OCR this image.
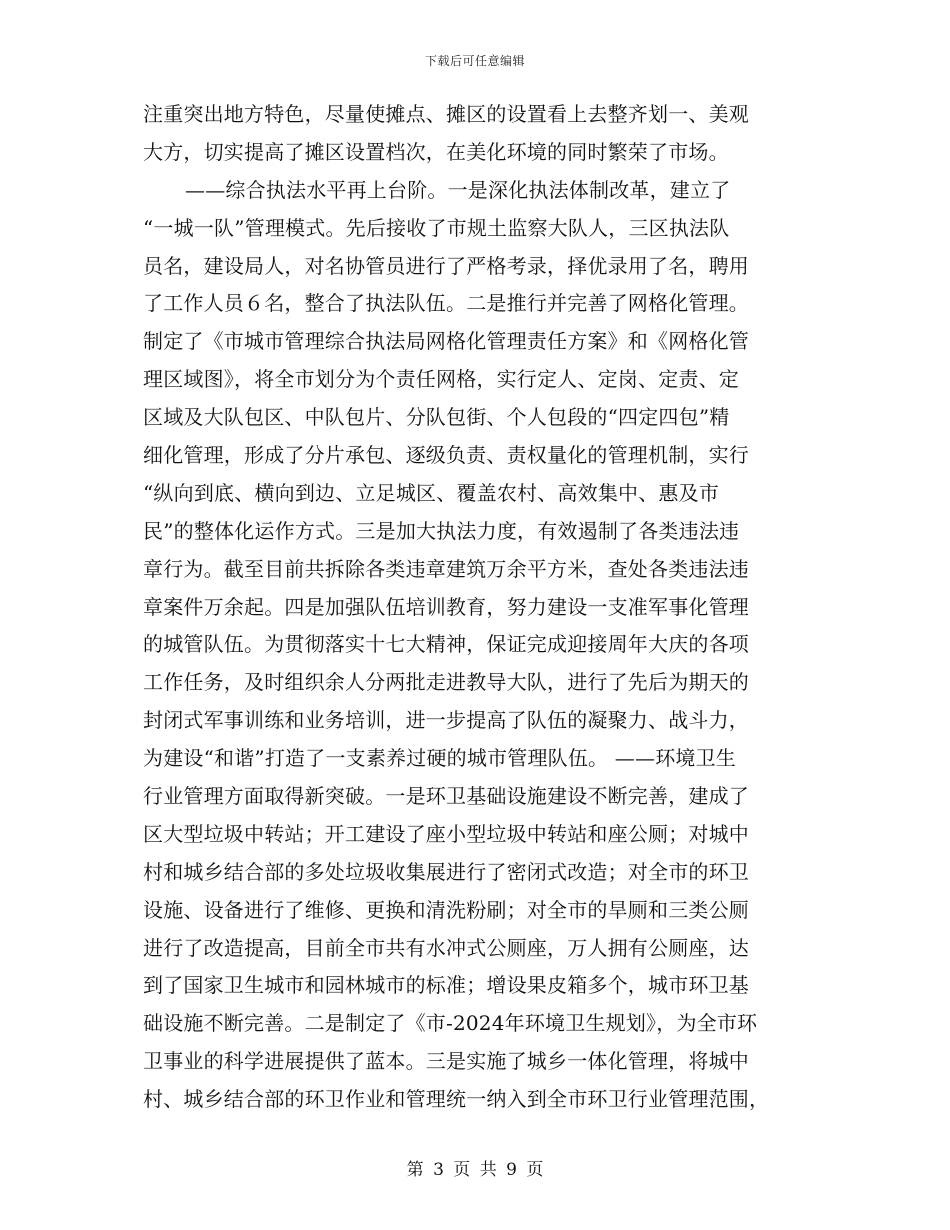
下载后可任意编辑
注重突出地方特色，尽量使摊点、摊区的设置看上去整齐划一、美观
大方，切实提高了摊区设置档次，在美化环境的同时繁荣了市场。
——综合执法水平再上台阶。一是深化执法体制改革，建立了
“一城一队”管理模式。先后接收了市规土监察大队人，三区执法队
员名，建设局人，对名协管员进行了严格考录，择优录用了名，聘用
了工作人员６名，整合了执法队伍。二是推行并完善了网格化管理。
制定了《市城市管理综合执法局网格化管理责任方案》和《网格化管
理区域图》，将全市划分为个责任网格，实行定人、定岗、定责、定
区域及大队包区、中队包片、分队包街、个人包段的“四定四包”精
细化管理，形成了分片承包、逐级负责、责权量化的管理机制，实行
“纵向到底、横向到边、立足城区、覆盖农村、高效集中、惠及市
民”的整体化运作方式。三是加大执法力度，有效遏制了各类违法违
章行为。截至目前共拆除各类违章建筑万余平方米，查处各类违法违
章案件万余起。四是加强队伍培训教育，努力建设一支准军事化管理
的城管队伍。为贯彻落实十七大精神，保证完成迎接周年大庆的各项
工作任务，及时组织余人分两批走进教导大队，进行了先后为期天的
封闭式军事训练和业务培训，进一步提高了队伍的凝聚力、战斗力，
为建设“和谐”打造了一支素养过硬的城市管理队伍。 ——环境卫生
行业管理方面取得新突破。一是环卫基础设施建设不断完善，建成了
区大型垃圾中转站；开工建设了座小型垃圾中转站和座公厕；对城中
村和城乡结合部的多处垃圾收集展进行了密闭式改造；对全市的环卫
设施、设备进行了维修、更换和清洗粉刷；对全市的旱厕和三类公厕
进行了改造提高，目前全市共有水冲式公厕座，万人拥有公厕座，达
到了国家卫生城市和园林城市的标准；增设果皮箱多个，城市环卫基
础设施不断完善。二是制定了《市-2024年环境卫生规划》，为全市环
卫事业的科学进展提供了蓝本。三是实施了城乡一体化管理，将城中
村、城乡结合部的环卫作业和管理统一纳入到全市环卫行业管理范围，
第 3 页 共 9 页
